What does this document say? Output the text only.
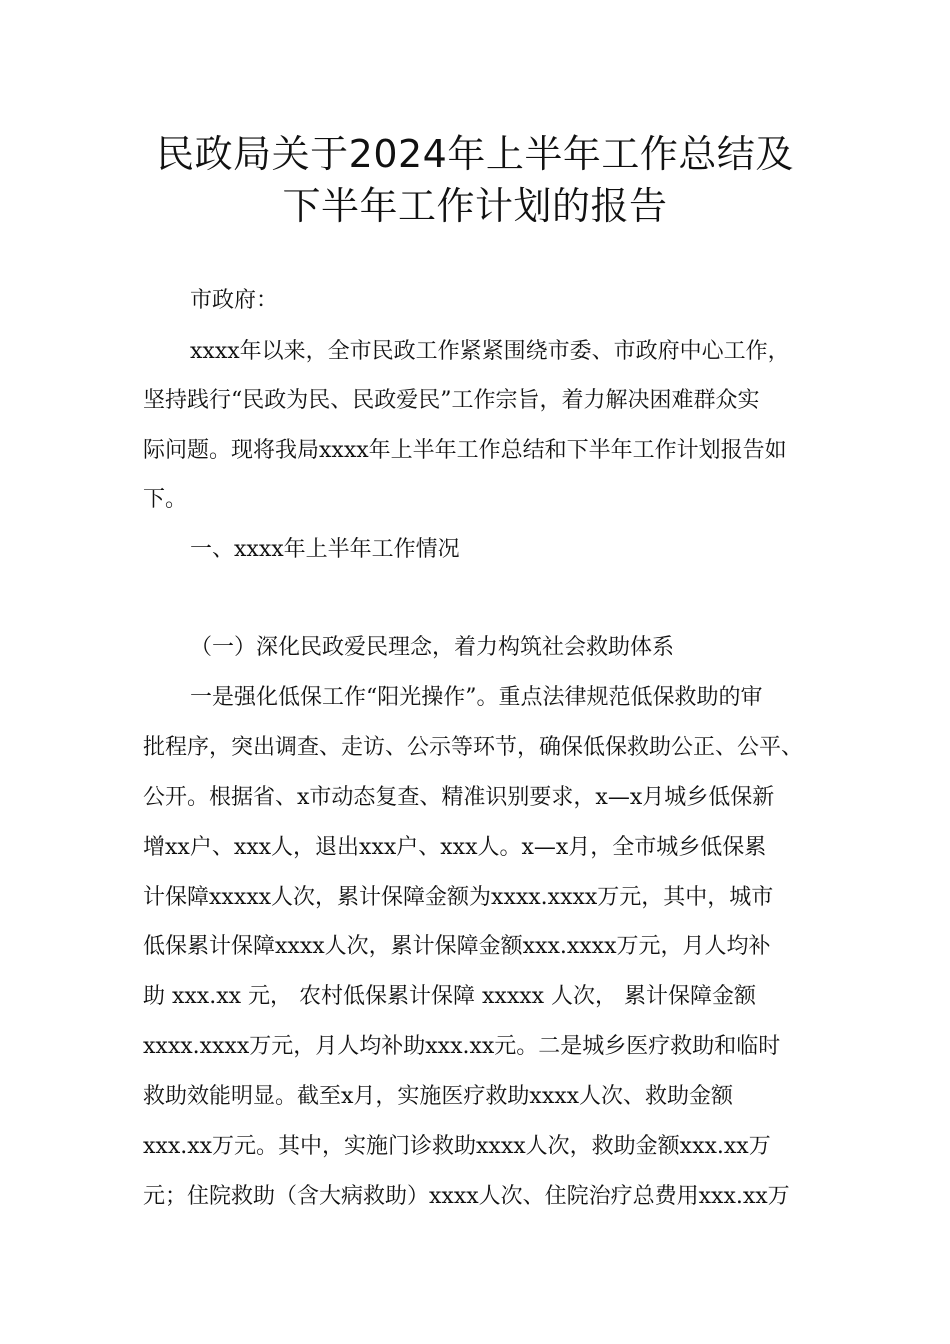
民政局关于2024年上半年工作总结及
下半年工作计划的报告
市政府：
xxxx年以来，全市民政工作紧紧围绕市委、市政府中心工作，
坚持践行“民政为民、民政爱民”工作宗旨，着力解决困难群众实
际问题。现将我局xxxx年上半年工作总结和下半年工作计划报告如
下。
一、xxxx年上半年工作情况
（一）深化民政爱民理念，着力构筑社会救助体系
一是强化低保工作“阳光操作”。重点法律规范低保救助的审
批程序，突出调查、走访、公示等环节，确保低保救助公正、公平、
公开。根据省、x市动态复查、精准识别要求，x—x月城乡低保新
增xx户、xxx人，退出xxx户、xxx人。x—x月，全市城乡低保累
计保障xxxxx人次，累计保障金额为xxxx.xxxx万元，其中，城市
低保累计保障xxxx人次，累计保障金额xxx.xxxx万元，月人均补
助 xxx.xx 元， 农村低保累计保障 xxxxx 人次， 累计保障金额
xxxx.xxxx万元，月人均补助xxx.xx元。二是城乡医疗救助和临时
救助效能明显。截至x月，实施医疗救助xxxx人次、救助金额
xxx.xx万元。其中，实施门诊救助xxxx人次，救助金额xxx.xx万
元；住院救助（含大病救助）xxxx人次、住院治疗总费用xxx.xx万
